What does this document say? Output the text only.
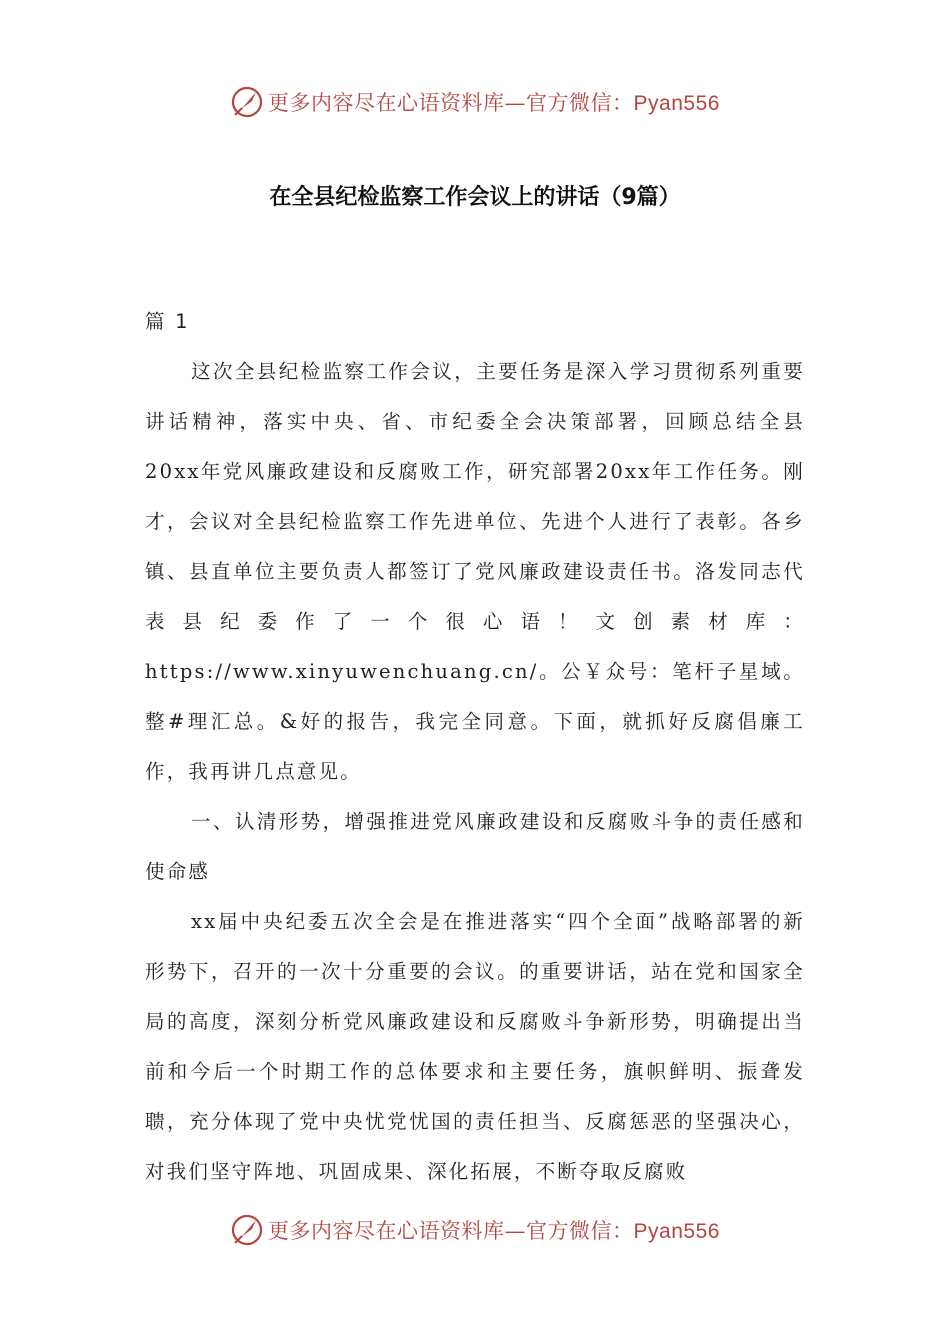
更多内容尽在心语资料库—官方微信：Pyan556
在全县纪检监察工作会议上的讲话（9篇）

篇 1

这次全县纪检监察工作会议，主要任务是深入学习贯彻系列重要讲话精神，落实中央、省、市纪委全会决策部署，回顾总结全县20xx年党风廉政建设和反腐败工作，研究部署20xx年工作任务。刚才，会议对全县纪检监察工作先进单位、先进个人进行了表彰。各乡镇、县直单位主要负责人都签订了党风廉政建设责任书。洛发同志代表县纪委作了一个很心语！文创素材库：https://www.xinyuwenchuang.cn/。公￥众号：笔杆子星域。整#理汇总。&好的报告，我完全同意。下面，就抓好反腐倡廉工作，我再讲几点意见。

一、认清形势，增强推进党风廉政建设和反腐败斗争的责任感和使命感

xx届中央纪委五次全会是在推进落实“四个全面”战略部署的新形势下，召开的一次十分重要的会议。的重要讲话，站在党和国家全局的高度，深刻分析党风廉政建设和反腐败斗争新形势，明确提出当前和今后一个时期工作的总体要求和主要任务，旗帜鲜明、振聋发聩，充分体现了党中央忧党忧国的责任担当、反腐惩恶的坚强决心，对我们坚守阵地、巩固成果、深化拓展，不断夺取反腐败

更多内容尽在心语资料库—官方微信：Pyan556
